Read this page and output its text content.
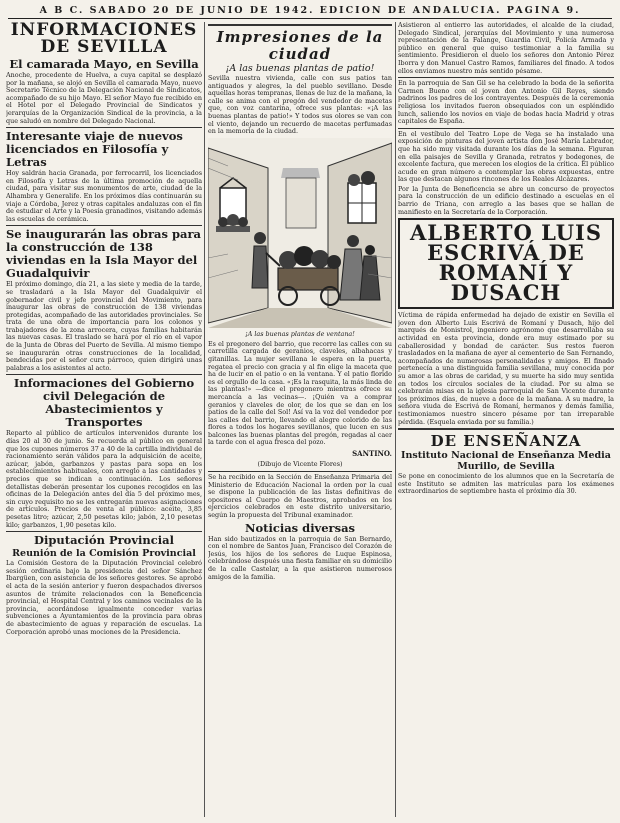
A B C. SABADO 20 DE JUNIO DE 1942. EDICION DE ANDALUCIA. PAGINA 9.
INFORMACIONES DE SEVILLA
El camarada Mayo, en Sevilla

Anoche, procedente de Huelva, a cuya capital se desplazó por la mañana, se alojó en Sevilla el camarada Mayo, nuevo Secretario Técnico de la Delegación Nacional de Sindicatos, acompañado de su hijo Mayo. El señor Mayo fue recibido en el Hotel por el Delegado Provincial de Sindicatos y jerarquías de la Organización Sindical de la provincia, a la que saludó en nombre del Delegado Nacional.

Interesante viaje de nuevos licenciados en Filosofía y Letras

Hoy saldrán hacia Granada, por ferrocarril, los licenciados en Filosofía y Letras de la última promoción de aquella ciudad, para visitar sus monumentos de arte, ciudad de la Alhambra y Generalife. En los próximos días continuarán su viaje a Córdoba, Jerez y otras capitales andaluzas con el fin de estudiar el Arte y la Poesía granadinos, visitando además las escuelas de cerámica.

Se inaugurarán las obras para la construcción de 138 viviendas en la Isla Mayor del Guadalquivir

El próximo domingo, día 21, a las siete y media de la tarde, se trasladará a la Isla Mayor del Guadalquivir el gobernador civil y jefe provincial del Movimiento, para inaugurar las obras de construcción de 138 viviendas protegidas, acompañado de las autoridades provinciales. Se trata de una obra de importancia para los colonos y trabajadores de la zona arrocera, cuyas familias habitarán las nuevas casas. El traslado se hará por el río en el vapor de la Junta de Obras del Puerto de Sevilla. Al mismo tiempo se inaugurarán otras construcciones de la localidad, bendecidas por el señor cura párroco, quien dirigirá unas palabras a los asistentes al acto.

Informaciones del Gobierno civil Delegación de Abastecimientos y Transportes

Reparto al público de artículos intervenidos durante los días 20 al 30 de junio. Se recuerda al público en general que los cupones números 37 a 40 de la cartilla individual de racionamiento serán válidos para la adquisición de aceite, azúcar, jabón, garbanzos y pastas para sopa en los establecimientos habituales, con arreglo a las cantidades y precios que se indican a continuación. Los señores detallistas deberán presentar los cupones recogidos en las oficinas de la Delegación antes del día 5 del próximo mes, sin cuyo requisito no se les entregarán nuevas asignaciones de artículos. Precios de venta al público: aceite, 3,85 pesetas litro; azúcar, 2,50 pesetas kilo; jabón, 2,10 pesetas kilo; garbanzos, 1,90 pesetas kilo.

Diputación Provincial
Reunión de la Comisión Provincial

La Comisión Gestora de la Diputación Provincial celebró sesión ordinaria bajo la presidencia del señor Sánchez Ibargüen, con asistencia de los señores gestores. Se aprobó el acta de la sesión anterior y fueron despachados diversos asuntos de trámite relacionados con la Beneficencia provincial, el Hospital Central y los caminos vecinales de la provincia, acordándose igualmente conceder varias subvenciones a Ayuntamientos de la provincia para obras de abastecimiento de aguas y reparación de escuelas. La Corporación aprobó unas mociones de la Presidencia.

Impresiones de la ciudad
¡A las buenas plantas de patio!

Sevilla nuestra vivienda, calle con sus patios tan antiguados y alegres, la del pueblo sevillano. Desde aquellas horas tempranas, llenas de luz de la mañana, la calle se anima con el pregón del vendedor de macetas que, con voz cantarina, ofrece sus plantas: «¡A las buenas plantas de patio!» Y todos sus olores se van con el viento, dejando un recuerdo de macetas perfumadas en la memoria de la ciudad.

¡A las buenas plantas de ventana!

Es el pregonero del barrio, que recorre las calles con su carretilla cargada de geranios, claveles, albahacas y gitanillas. La mujer sevillana le espera en la puerta, regatea el precio con gracia y al fin elige la maceta que ha de lucir en el patio o en la ventana. Y el patio florido es el orgullo de la casa. «¡Es la rasquita, la más linda de las plantas!» —dice el pregonero mientras ofrece su mercancía a las vecinas—. ¡Quién va a comprar geranios y claveles de olor, de los que se dan en los patios de la calle del Sol! Así va la voz del vendedor por las calles del barrio, llevando el alegre colorido de las flores a todos los hogares sevillanos, que lucen en sus balcones las buenas plantas del pregón, regadas al caer la tarde con el agua fresca del pozo.

SANTINO.
(Dibujo de Vicente Flores)

Se ha recibido en la Sección de Enseñanza Primaria del Ministerio de Educación Nacional la orden por la cual se dispone la publicación de las listas definitivas de opositores al Cuerpo de Maestros, aprobados en los ejercicios celebrados en este distrito universitario, según la propuesta del Tribunal examinador.

Noticias diversas

Han sido bautizados en la parroquia de San Bernardo, con el nombre de Santos Juan, Francisco del Corazón de Jesús, los hijos de los señores de Luque Espinosa, celebrándose después una fiesta familiar en su domicilio de la calle Castelar, a la que asistieron numerosos amigos de la familia.

Asistieron al entierro las autoridades, el alcalde de la ciudad, Delegado Sindical, jerarquías del Movimiento y una numerosa representación de la Falange, Guardia Civil, Policía Armada y público en general que quiso testimoniar a la familia su sentimiento. Presidieron el duelo los señores don Antonio Pérez Iborra y don Manuel Castro Ramos, familiares del finado. A todos ellos enviamos nuestro más sentido pésame.

En la parroquia de San Gil se ha celebrado la boda de la señorita Carmen Bueno con el joven don Antonio Gil Reyes, siendo padrinos los padres de los contrayentes. Después de la ceremonia religiosa los invitados fueron obsequiados con un espléndido lunch, saliendo los novios en viaje de bodas hacia Madrid y otras capitales de España.

En el vestíbulo del Teatro Lope de Vega se ha instalado una exposición de pinturas del joven artista don José María Labrador, que ha sido muy visitada durante los días de la semana. Figuran en ella paisajes de Sevilla y Granada, retratos y bodegones, de excelente factura, que merecen los elogios de la crítica. El público acude en gran número a contemplar las obras expuestas, entre las que destacan algunos rincones de los Reales Alcázares.

Por la Junta de Beneficencia se abre un concurso de proyectos para la construcción de un edificio destinado a escuelas en el barrio de Triana, con arreglo a las bases que se hallan de manifiesto en la Secretaría de la Corporación.

ALBERTO LUIS ESCRIVÁ DE ROMANÍ Y DUSACH

Víctima de rápida enfermedad ha dejado de existir en Sevilla el joven don Alberto Luis Escrivá de Romaní y Dusach, hijo del marqués de Monistrol, ingeniero agrónomo que desarrollaba su actividad en esta provincia, donde era muy estimado por su caballerosidad y bondad de carácter. Sus restos fueron trasladados en la mañana de ayer al cementerio de San Fernando, acompañados de numerosas personalidades y amigos. El finado pertenecía a una distinguida familia sevillana, muy conocida por su amor a las obras de caridad, y su muerte ha sido muy sentida en todos los círculos sociales de la ciudad. Por su alma se celebrarán misas en la iglesia parroquial de San Vicente durante los próximos días, de nueve a doce de la mañana. A su madre, la señora viuda de Escrivá de Romaní, hermanos y demás familia, testimoniamos nuestro sincero pésame por tan irreparable pérdida. (Esquela enviada por su familia.)

DE ENSEÑANZA
Instituto Nacional de Enseñanza Media Murillo, de Sevilla

Se pone en conocimiento de los alumnos que en la Secretaría de este Instituto se admiten las matrículas para los exámenes extraordinarios de septiembre hasta el próximo día 30.
